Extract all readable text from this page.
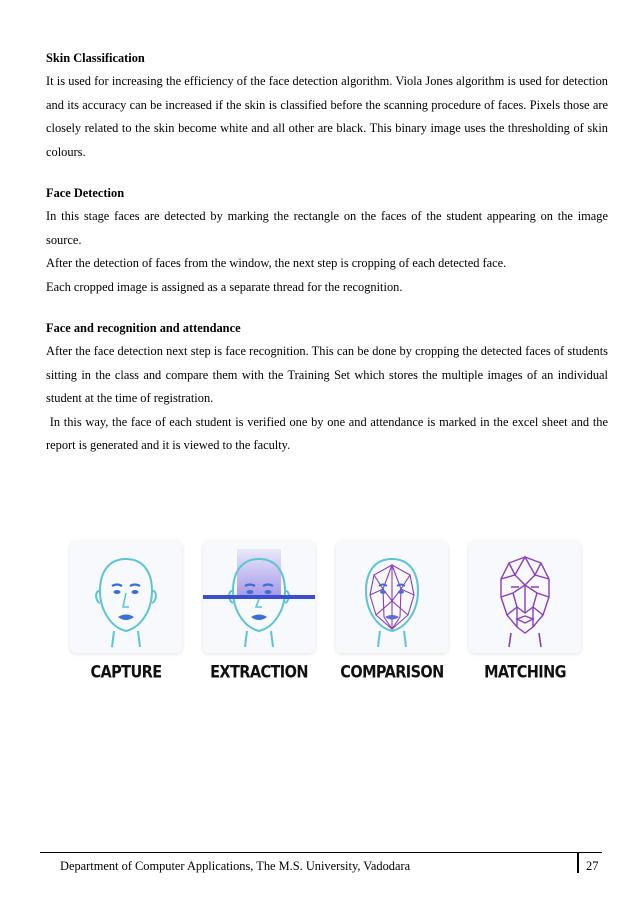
Skin Classification

It is used for increasing the efficiency of the face detection algorithm. Viola Jones algorithm is used for detection and its accuracy can be increased if the skin is classified before the scanning procedure of faces. Pixels those are closely related to the skin become white and all other are black. This binary image uses the thresholding of skin colours.

Face Detection

In this stage faces are detected by marking the rectangle on the faces of the student appearing on the image source.

After the detection of faces from the window, the next step is cropping of each detected face.

Each cropped image is assigned as a separate thread for the recognition.

Face and recognition and attendance

After the face detection next step is face recognition. This can be done by cropping the detected faces of students sitting in the class and compare them with the Training Set which stores the multiple images of an individual student at the time of registration.

In this way, the face of each student is verified one by one and attendance is marked in the excel sheet and the report is generated and it is viewed to the faculty.

CAPTURE	EXTRACTION	COMPARISON	MATCHING
Department of Computer Applications, The M.S. University, Vadodara	27
